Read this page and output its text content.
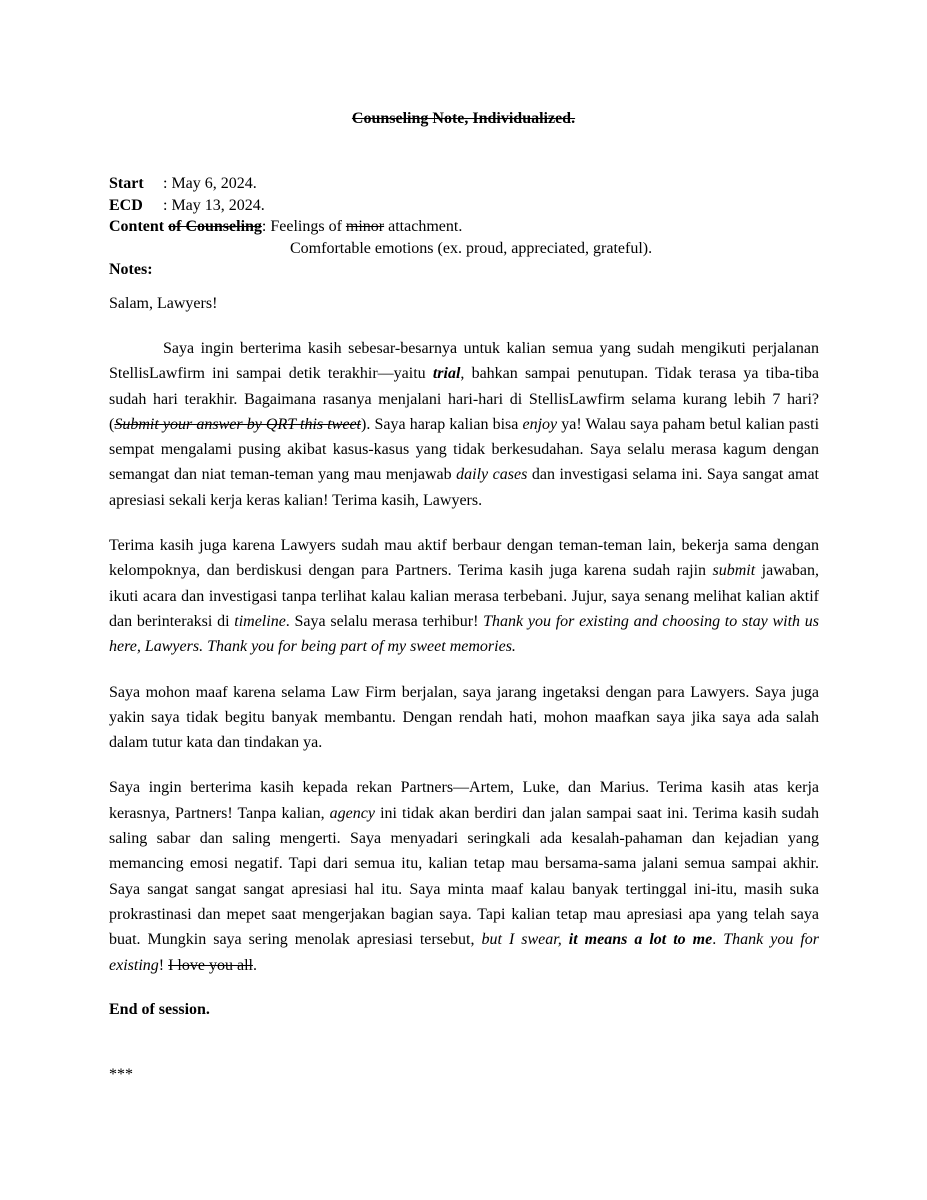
Counseling Note, Individualized.
Start : May 6, 2024.
ECD : May 13, 2024.
Content of Counseling: Feelings of minor attachment.
Comfortable emotions (ex. proud, appreciated, grateful).
Notes:

Salam, Lawyers!

Saya ingin berterima kasih sebesar-besarnya untuk kalian semua yang sudah mengikuti perjalanan StellisLawfirm ini sampai detik terakhir—yaitu trial, bahkan sampai penutupan. Tidak terasa ya tiba-tiba sudah hari terakhir. Bagaimana rasanya menjalani hari-hari di StellisLawfirm selama kurang lebih 7 hari? (Submit your answer by QRT this tweet). Saya harap kalian bisa enjoy ya! Walau saya paham betul kalian pasti sempat mengalami pusing akibat kasus-kasus yang tidak berkesudahan. Saya selalu merasa kagum dengan semangat dan niat teman-teman yang mau menjawab daily cases dan investigasi selama ini. Saya sangat amat apresiasi sekali kerja keras kalian! Terima kasih, Lawyers.

Terima kasih juga karena Lawyers sudah mau aktif berbaur dengan teman-teman lain, bekerja sama dengan kelompoknya, dan berdiskusi dengan para Partners. Terima kasih juga karena sudah rajin submit jawaban, ikuti acara dan investigasi tanpa terlihat kalau kalian merasa terbebani. Jujur, saya senang melihat kalian aktif dan berinteraksi di timeline. Saya selalu merasa terhibur! Thank you for existing and choosing to stay with us here, Lawyers. Thank you for being part of my sweet memories.

Saya mohon maaf karena selama Law Firm berjalan, saya jarang ingetaksi dengan para Lawyers. Saya juga yakin saya tidak begitu banyak membantu. Dengan rendah hati, mohon maafkan saya jika saya ada salah dalam tutur kata dan tindakan ya.

Saya ingin berterima kasih kepada rekan Partners—Artem, Luke, dan Marius. Terima kasih atas kerja kerasnya, Partners! Tanpa kalian, agency ini tidak akan berdiri dan jalan sampai saat ini. Terima kasih sudah saling sabar dan saling mengerti. Saya menyadari seringkali ada kesalah-pahaman dan kejadian yang memancing emosi negatif. Tapi dari semua itu, kalian tetap mau bersama-sama jalani semua sampai akhir. Saya sangat sangat sangat apresiasi hal itu. Saya minta maaf kalau banyak tertinggal ini-itu, masih suka prokrastinasi dan mepet saat mengerjakan bagian saya. Tapi kalian tetap mau apresiasi apa yang telah saya buat. Mungkin saya sering menolak apresiasi tersebut, but I swear, it means a lot to me. Thank you for existing! I love you all.

End of session.

***
